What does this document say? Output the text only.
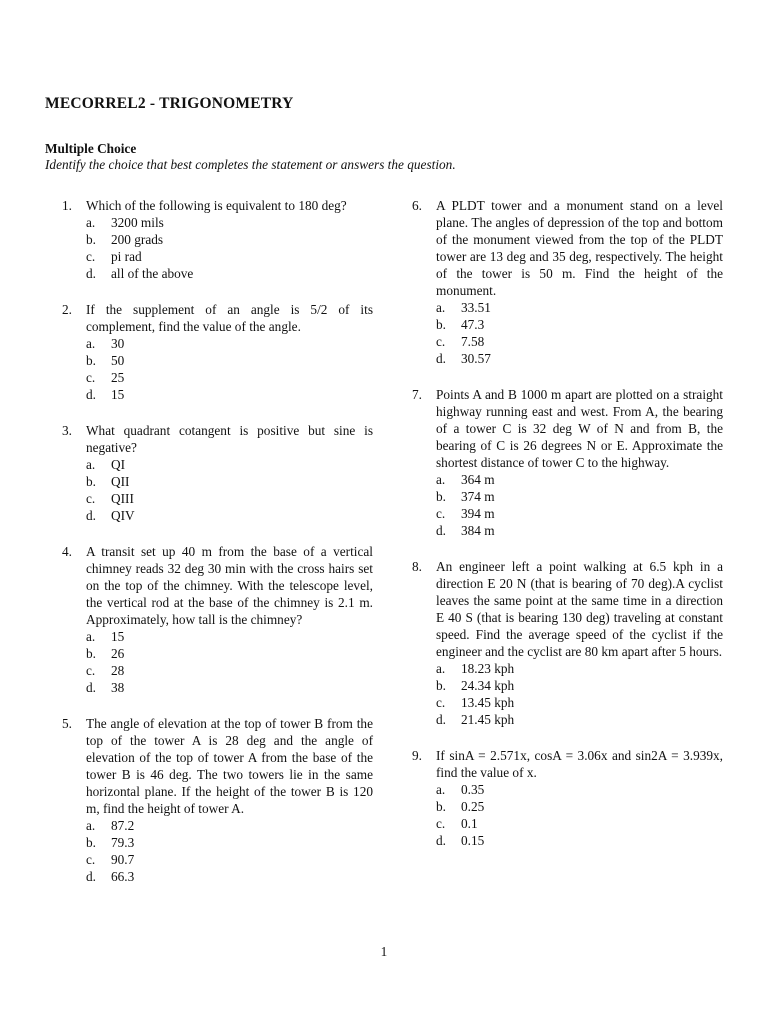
MECORREL2 - TRIGONOMETRY
Multiple Choice
Identify the choice that best completes the statement or answers the question.
1.	Which of the following is equivalent to 180 deg?
a.	3200 mils
b.	200 grads
c.	pi rad
d.	all of the above
2.	If the supplement of an angle is 5/2 of its complement, find the value of the angle.
a.	30
b.	50
c.	25
d.	15
3.	What quadrant cotangent is positive but sine is negative?
a.	QI
b.	QII
c.	QIII
d.	QIV
4.	A transit set up 40 m from the base of a vertical chimney reads 32 deg 30 min with the cross hairs set on the top of the chimney. With the telescope level, the vertical rod at the base of the chimney is 2.1 m. Approximately, how tall is the chimney?
a.	15
b.	26
c.	28
d.	38
5.	The angle of elevation at the top of tower B from the top of the tower A is 28 deg and the angle of elevation of the top of tower A from the base of the tower B is 46 deg. The two towers lie in the same horizontal plane. If the height of the tower B is 120 m, find the height of tower A.
a.	87.2
b.	79.3
c.	90.7
d.	66.3
6.	A PLDT tower and a monument stand on a level plane. The angles of depression of the top and bottom of the monument viewed from the top of the PLDT tower are 13 deg and 35 deg, respectively. The height of the tower is 50 m. Find the height of the monument.
a.	33.51
b.	47.3
c.	7.58
d.	30.57
7.	Points A and B 1000 m apart are plotted on a straight highway running east and west. From A, the bearing of a tower C is 32 deg W of N and from B, the bearing of C is 26 degrees N or E. Approximate the shortest distance of tower C to the highway.
a.	364 m
b.	374 m
c.	394 m
d.	384 m
8.	An engineer left a point walking at 6.5 kph in a direction E 20 N (that is bearing of 70 deg).A cyclist leaves the same point at the same time in a direction E 40 S (that is bearing 130 deg) traveling at constant speed. Find the average speed of the cyclist if the engineer and the cyclist are 80 km apart after 5 hours.
a.	18.23 kph
b.	24.34 kph
c.	13.45 kph
d.	21.45 kph
9.	If sinA = 2.571x, cosA = 3.06x and sin2A = 3.939x, find the value of x.
a.	0.35
b.	0.25
c.	0.1
d.	0.15
1
